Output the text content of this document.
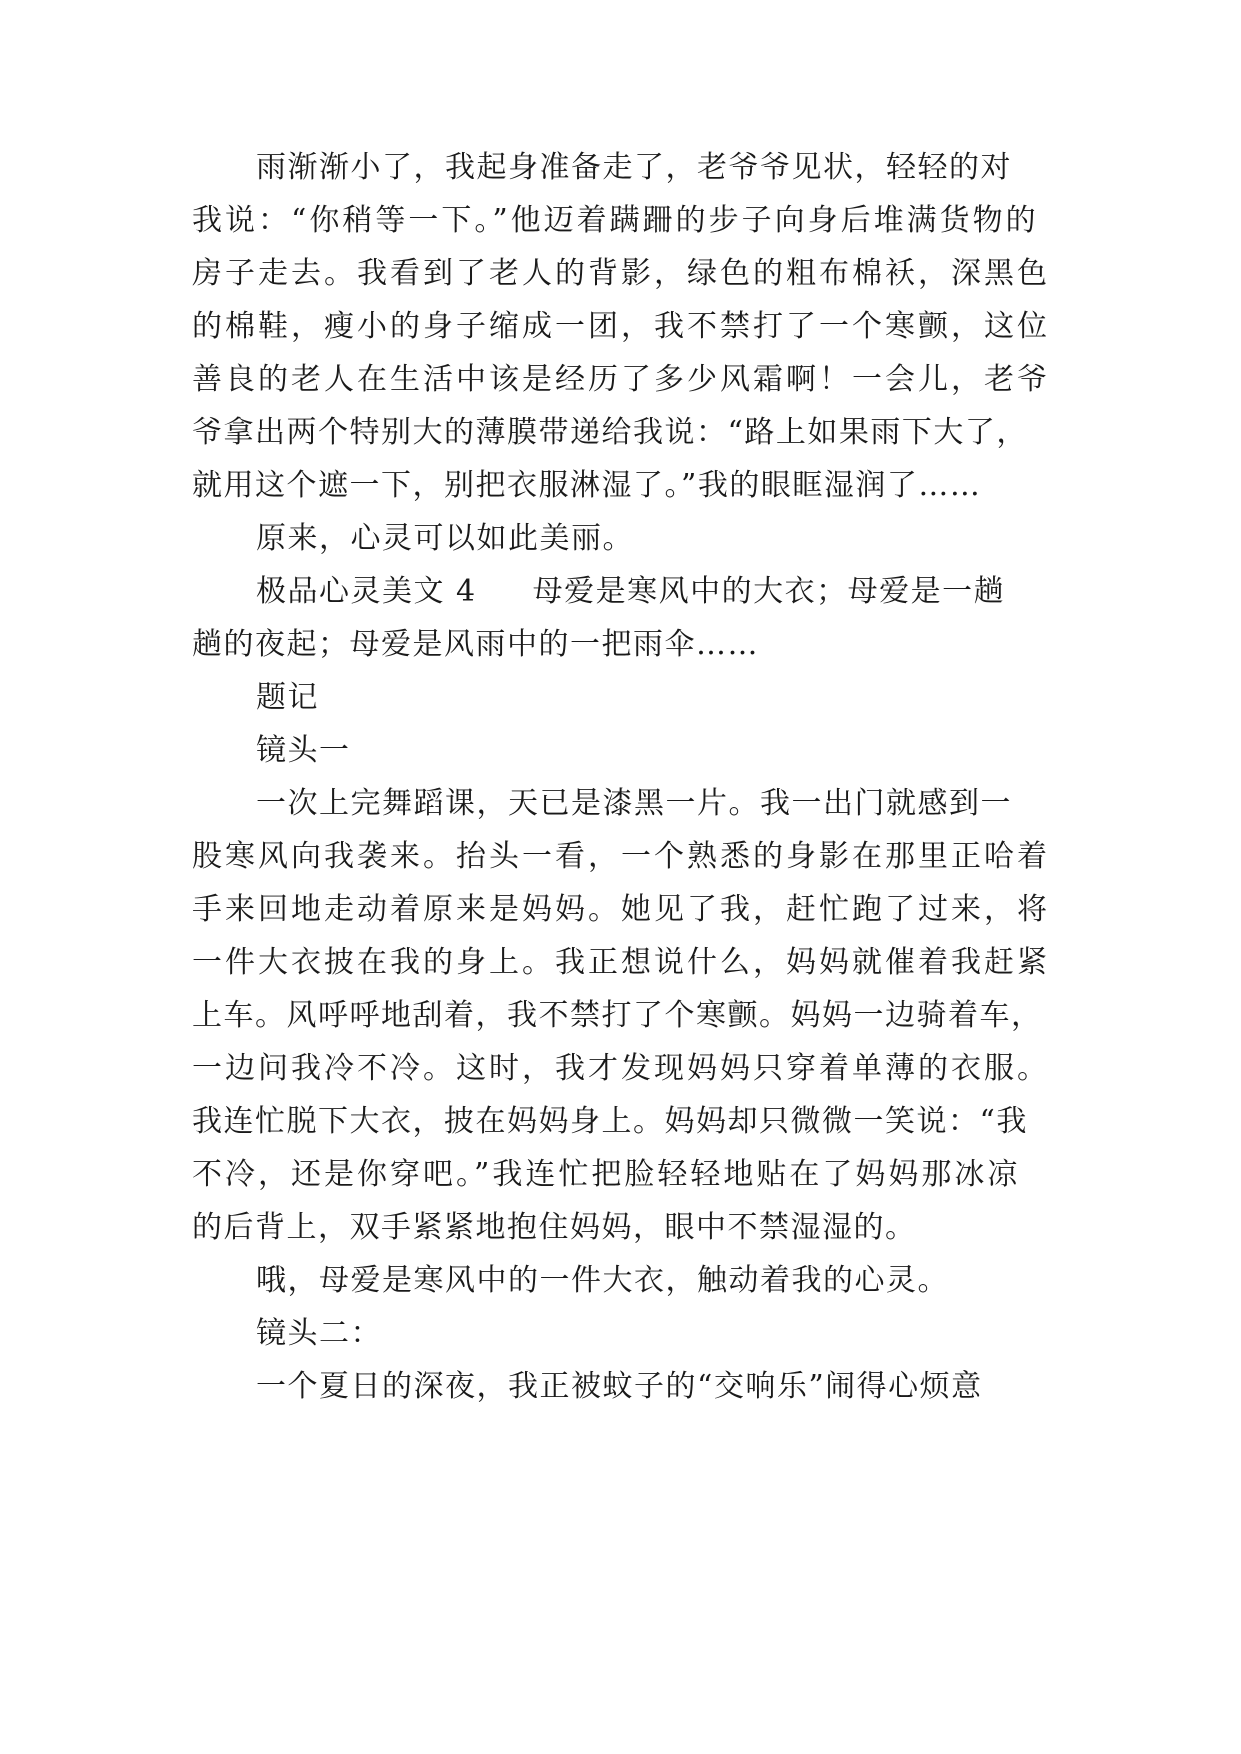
雨渐渐小了，我起身准备走了，老爷爷见状，轻轻的对
我说：“你稍等一下。”他迈着蹒跚的步子向身后堆满货物的
房子走去。我看到了老人的背影，绿色的粗布棉袄，深黑色
的棉鞋，瘦小的身子缩成一团，我不禁打了一个寒颤，这位
善良的老人在生活中该是经历了多少风霜啊！一会儿，老爷
爷拿出两个特别大的薄膜带递给我说：“路上如果雨下大了，
就用这个遮一下，别把衣服淋湿了。”我的眼眶湿润了……
原来，心灵可以如此美丽。
极品心灵美文 4 母爱是寒风中的大衣；母爱是一趟
趟的夜起；母爱是风雨中的一把雨伞……
题记
镜头一
一次上完舞蹈课，天已是漆黑一片。我一出门就感到一
股寒风向我袭来。抬头一看，一个熟悉的身影在那里正哈着
手来回地走动着原来是妈妈。她见了我，赶忙跑了过来，将
一件大衣披在我的身上。我正想说什么，妈妈就催着我赶紧
上车。风呼呼地刮着，我不禁打了个寒颤。妈妈一边骑着车，
一边问我冷不冷。这时，我才发现妈妈只穿着单薄的衣服。
我连忙脱下大衣，披在妈妈身上。妈妈却只微微一笑说：“我
不冷，还是你穿吧。”我连忙把脸轻轻地贴在了妈妈那冰凉
的后背上，双手紧紧地抱住妈妈，眼中不禁湿湿的。
哦，母爱是寒风中的一件大衣，触动着我的心灵。
镜头二：
一个夏日的深夜，我正被蚊子的“交响乐”闹得心烦意
